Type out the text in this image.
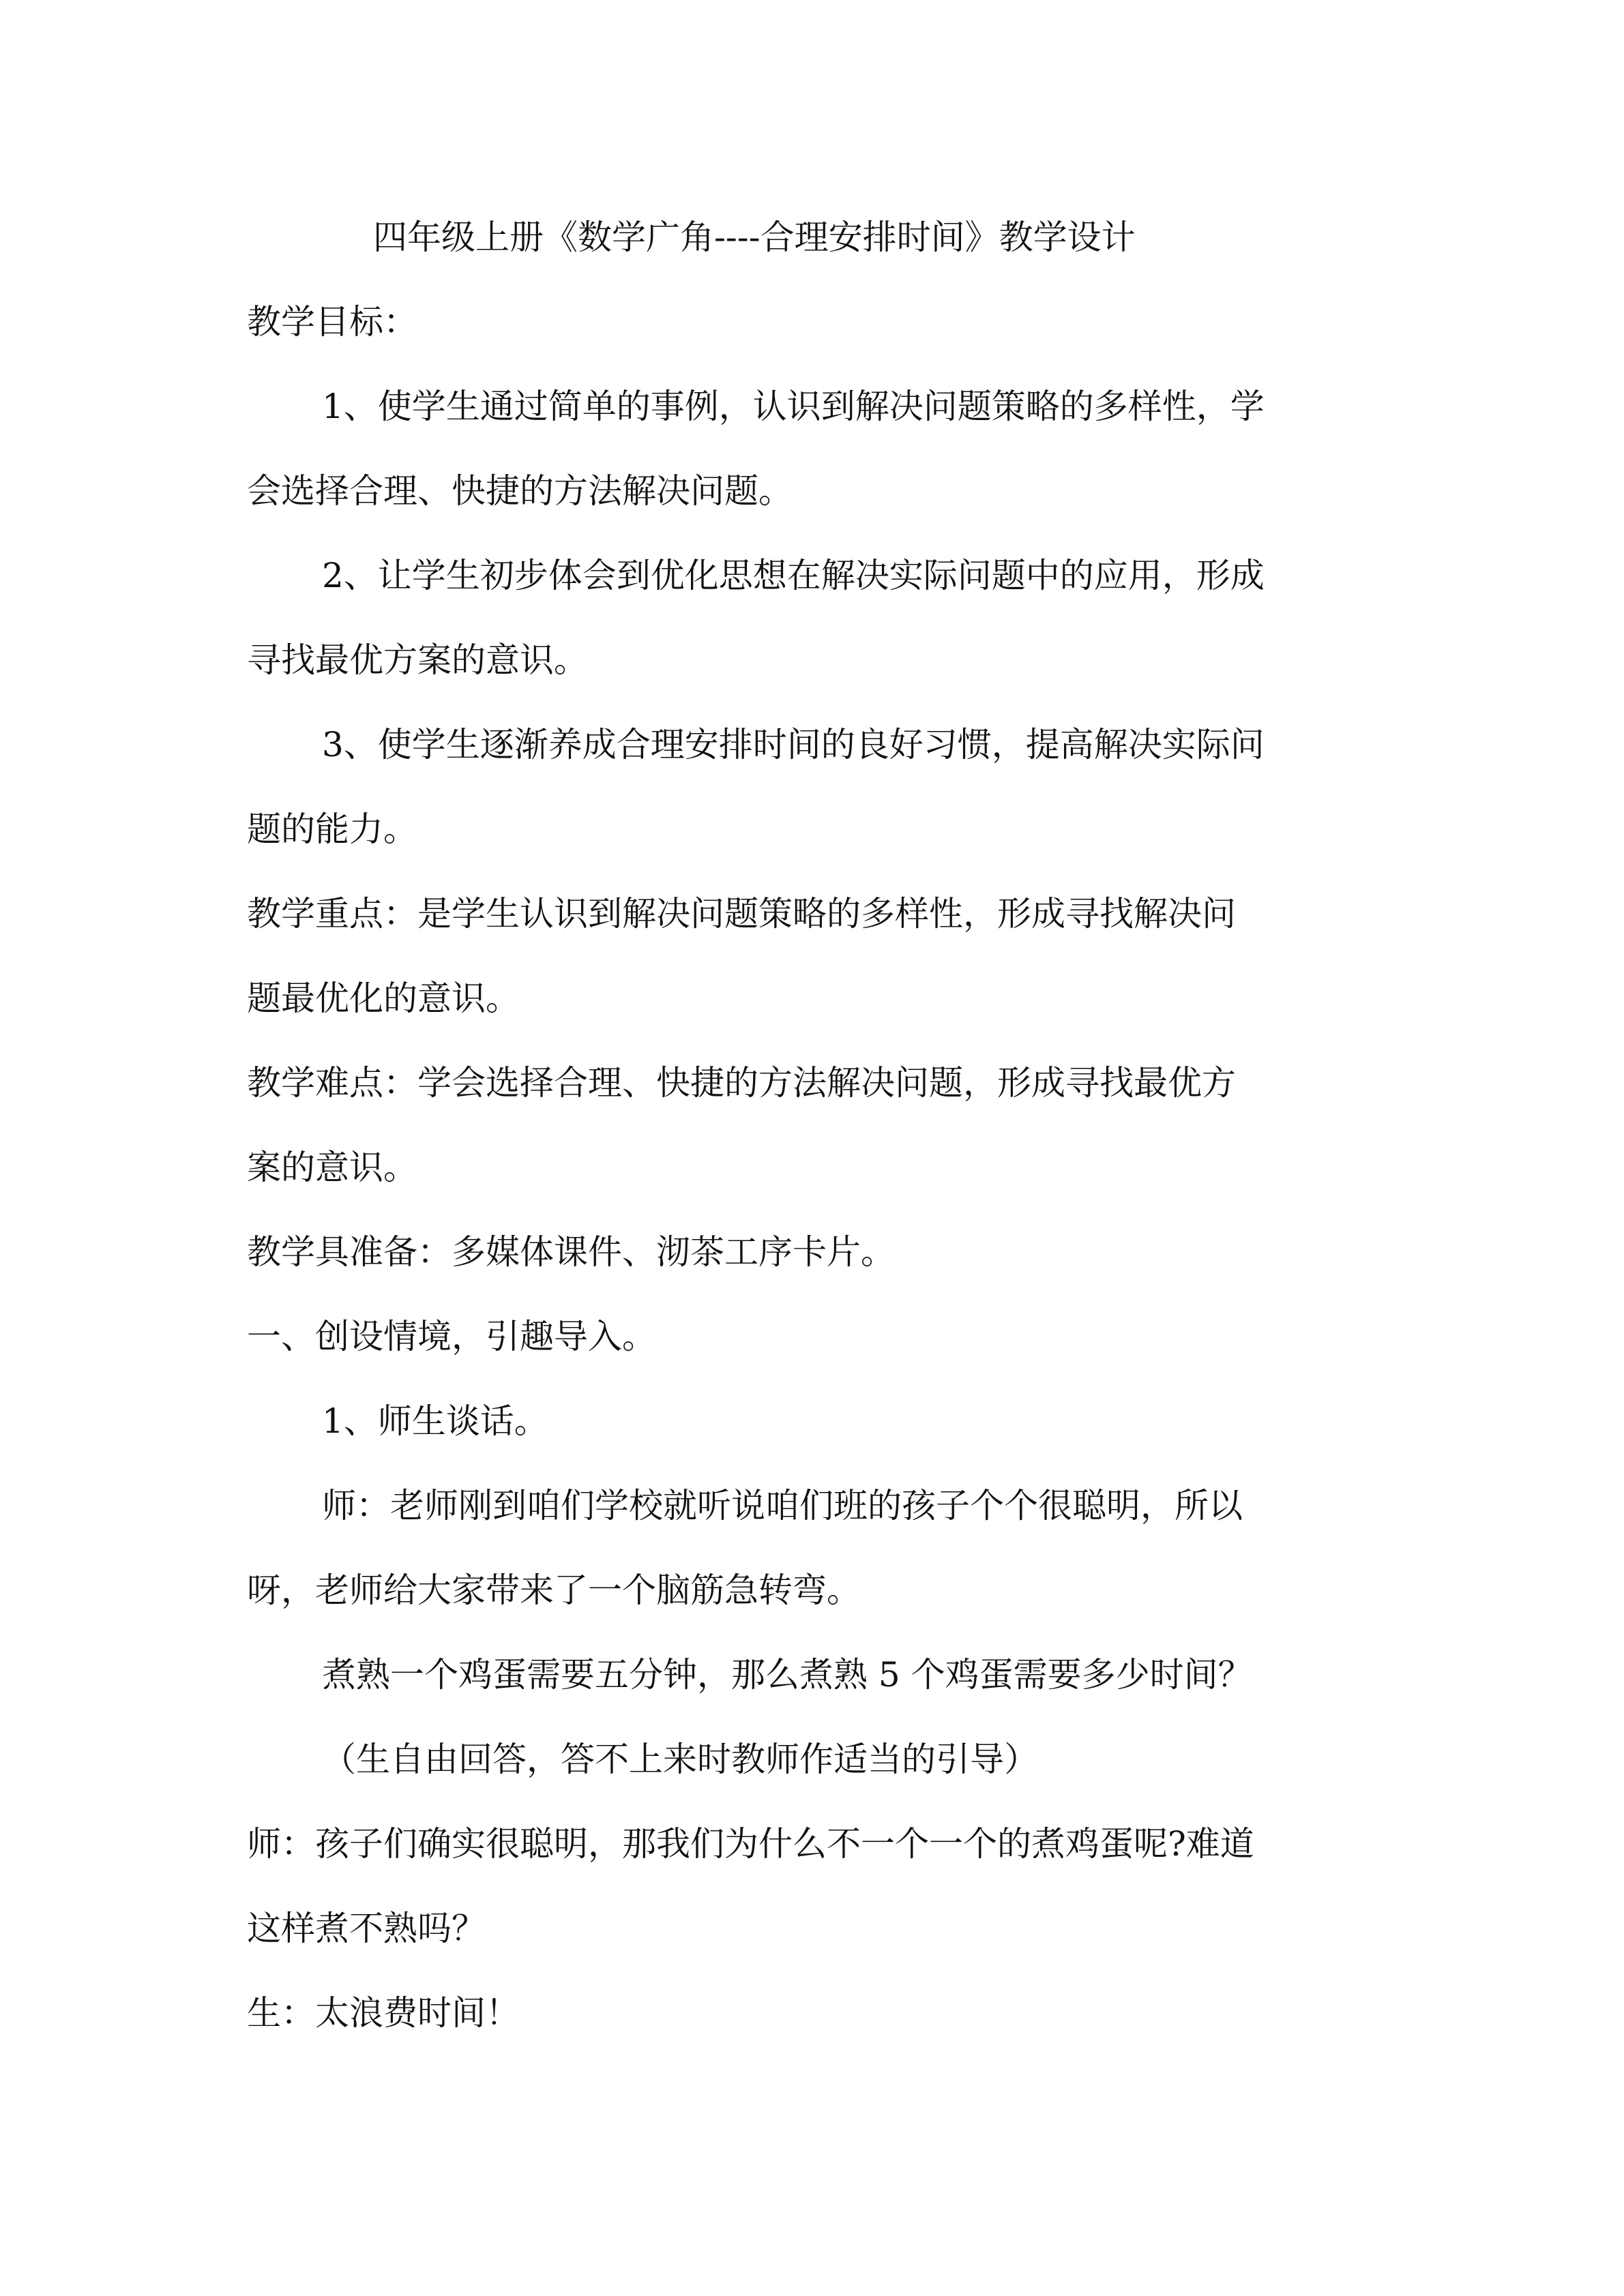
四年级上册《数学广角----合理安排时间》教学设计
教学目标：
1、使学生通过简单的事例，认识到解决问题策略的多样性，学
会选择合理、快捷的方法解决问题。
2、让学生初步体会到优化思想在解决实际问题中的应用，形成
寻找最优方案的意识。
3、使学生逐渐养成合理安排时间的良好习惯，提高解决实际问
题的能力。
教学重点：是学生认识到解决问题策略的多样性，形成寻找解决问
题最优化的意识。
教学难点：学会选择合理、快捷的方法解决问题，形成寻找最优方
案的意识。
教学具准备：多媒体课件、沏茶工序卡片。
一、创设情境，引趣导入。
1、师生谈话。
师：老师刚到咱们学校就听说咱们班的孩子个个很聪明，所以
呀，老师给大家带来了一个脑筋急转弯。
煮熟一个鸡蛋需要五分钟，那么煮熟 5 个鸡蛋需要多少时间？
（生自由回答，答不上来时教师作适当的引导）
师：孩子们确实很聪明，那我们为什么不一个一个的煮鸡蛋呢?难道
这样煮不熟吗？
生：太浪费时间！
